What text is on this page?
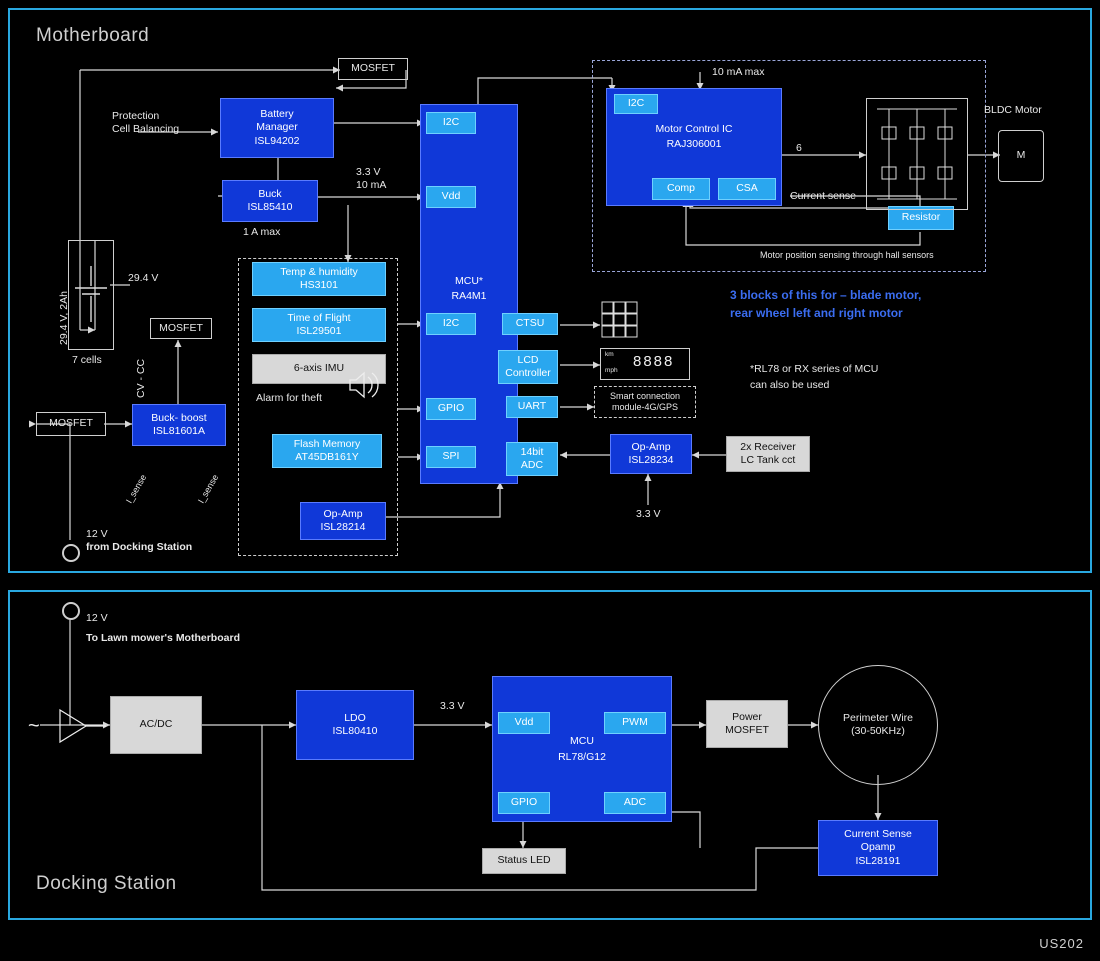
Motherboard
MOSFET
MOSFET
MOSFET
Battery
Manager
ISL94202
Buck
ISL85410
1 A max
Buck- boost
ISL81601A
29.4 V, 2Ah
7 cells
29.4 V
CV - CC
I_sense	I_sense
Protection
Cell Balancing
3.3 V
10 mA
12 V
from Docking Station
MCU*
RA4M1
I2C
Vdd
I2C
GPIO
SPI
CTSU
LCD
Controller
UART
14bit
ADC
Temp & humidity
HS3101
Time of Flight
ISL29501
6-axis IMU
Alarm for theft
Flash Memory
AT45DB161Y
Op-Amp
ISL28214
Op-Amp
ISL28234
2x Receiver
LC Tank cct
3.3 V
8888
km
mph
Smart connection
module-4G/GPS
Motor Control IC
RAJ306001
I2C
Comp	CSA
Resistor
10 mA max
Current sense
Motor position sensing through hall sensors
6
M
BLDC Motor
3 blocks of this for – blade motor,
rear wheel left and right motor
*RL78 or RX series of MCU
can also be used
Docking Station
12 V
To Lawn mower's Motherboard
~	AC/DC
LDO
ISL80410
3.3 V
MCU
RL78/G12
Vdd	PWM
GPIO	ADC
Status LED
Power
MOSFET
Perimeter Wire
(30-50KHz)
Current Sense
Opamp
ISL28191
US202
